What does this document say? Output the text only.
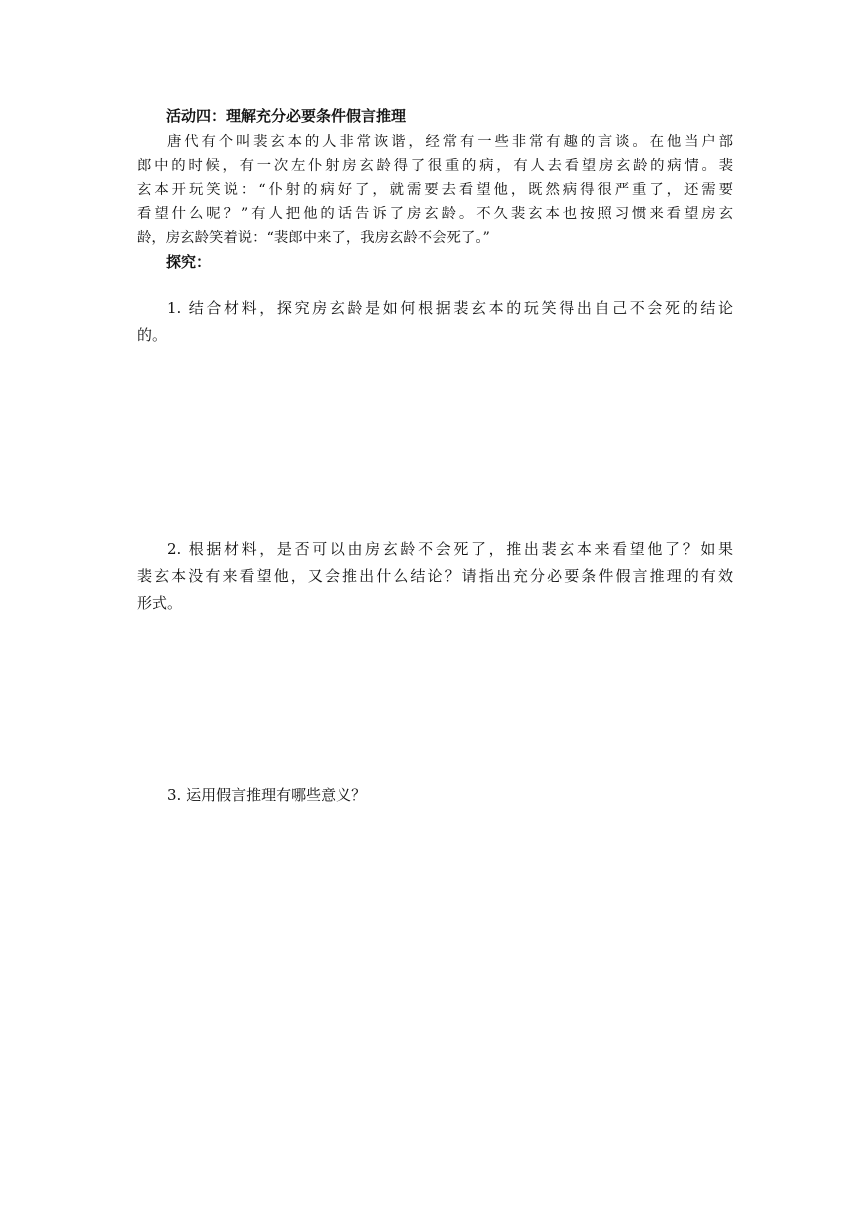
活动四：理解充分必要条件假言推理
唐代有个叫裴玄本的人非常诙谐，经常有一些非常有趣的言谈。在他当户部
郎中的时候，有一次左仆射房玄龄得了很重的病，有人去看望房玄龄的病情。裴
玄本开玩笑说：“仆射的病好了，就需要去看望他，既然病得很严重了，还需要
看望什么呢？”有人把他的话告诉了房玄龄。不久裴玄本也按照习惯来看望房玄
龄，房玄龄笑着说：“裴郎中来了，我房玄龄不会死了。”
探究：
1. 结合材料，探究房玄龄是如何根据裴玄本的玩笑得出自己不会死的结论
的。
2. 根据材料，是否可以由房玄龄不会死了，推出裴玄本来看望他了？如果
裴玄本没有来看望他，又会推出什么结论？请指出充分必要条件假言推理的有效
形式。
3. 运用假言推理有哪些意义？
